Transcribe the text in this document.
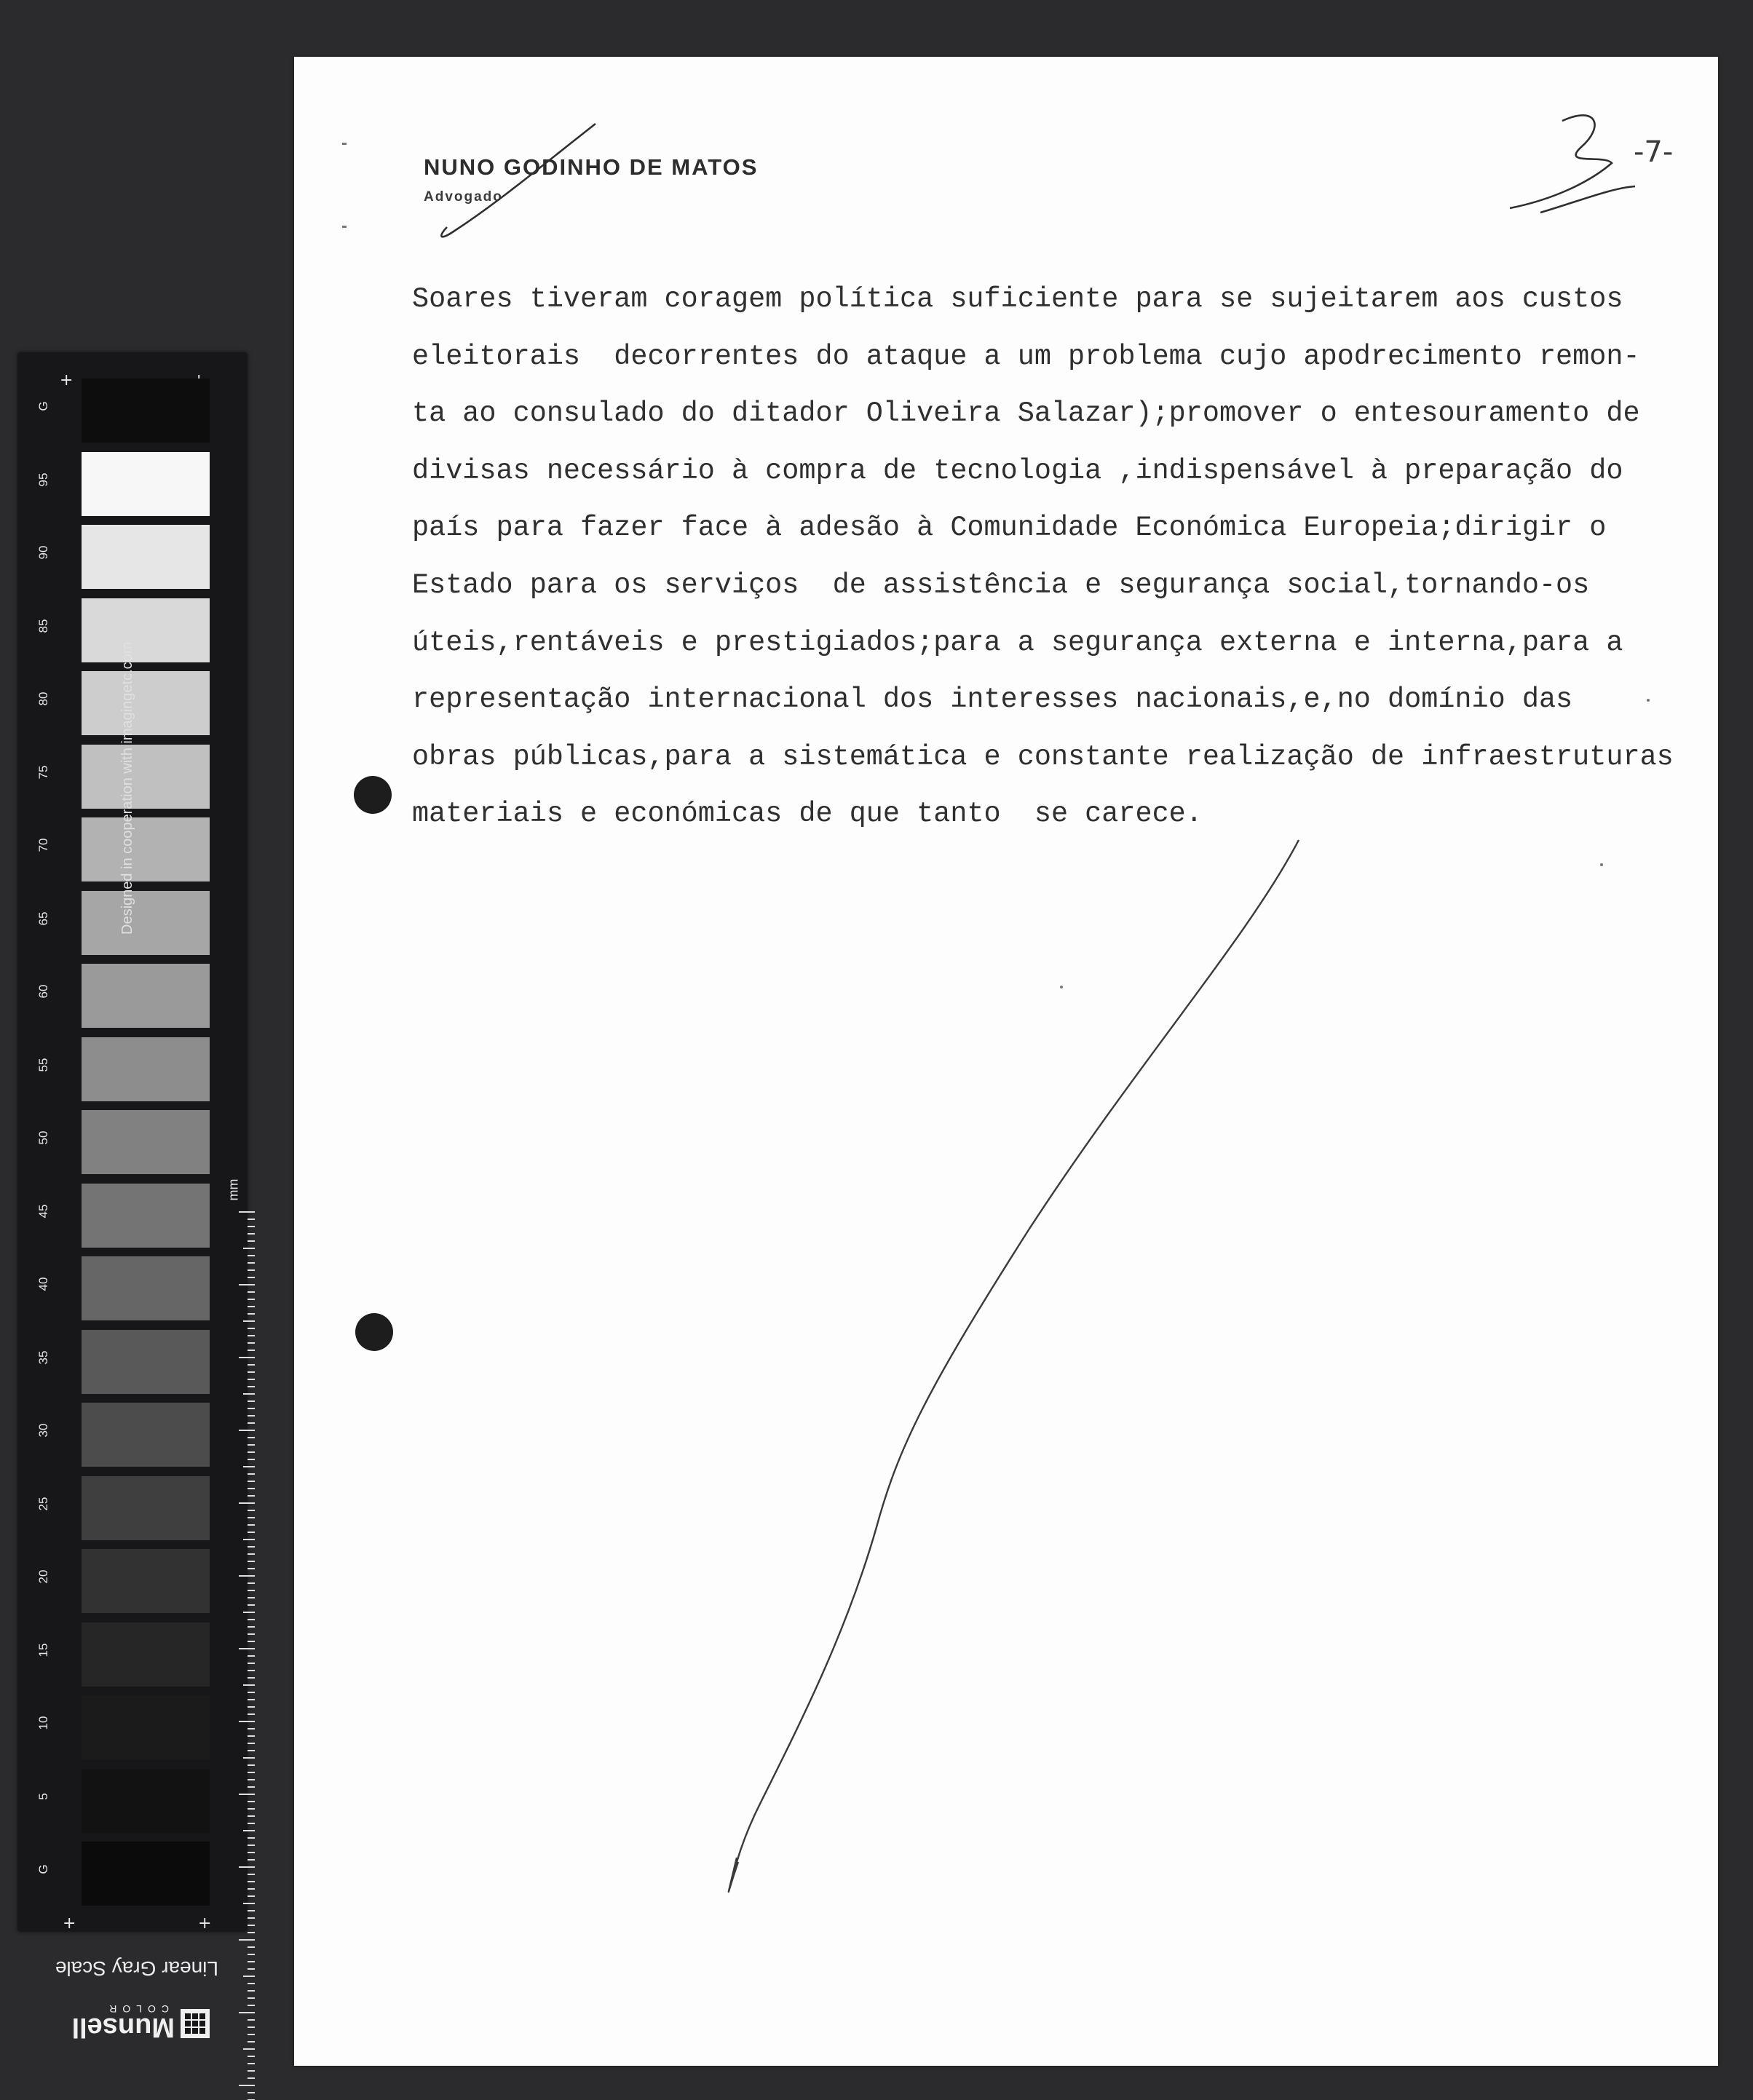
+
G
95
90
85
80
75
70
65
60
55
50
45
40
35
30
25
20
15
10
5
G
Designed in cooperation with imagingetc.com
mm
+	+
Linear Gray Scale
Munsell
COLOR
NUNO GODINHO DE MATOS
Advogado
-7-
Soares tiveram coragem política suficiente para se sujeitarem aos custos
eleitorais  decorrentes do ataque a um problema cujo apodrecimento remon-
ta ao consulado do ditador Oliveira Salazar);promover o entesouramento de
divisas necessário à compra de tecnologia ,indispensável à preparação do
país para fazer face à adesão à Comunidade Económica Europeia;dirigir o
Estado para os serviços  de assistência e segurança social,tornando-os
úteis,rentáveis e prestigiados;para a segurança externa e interna,para a
representação internacional dos interesses nacionais,e,no domínio das
obras públicas,para a sistemática e constante realização de infraestruturas
materiais e económicas de que tanto  se carece.
